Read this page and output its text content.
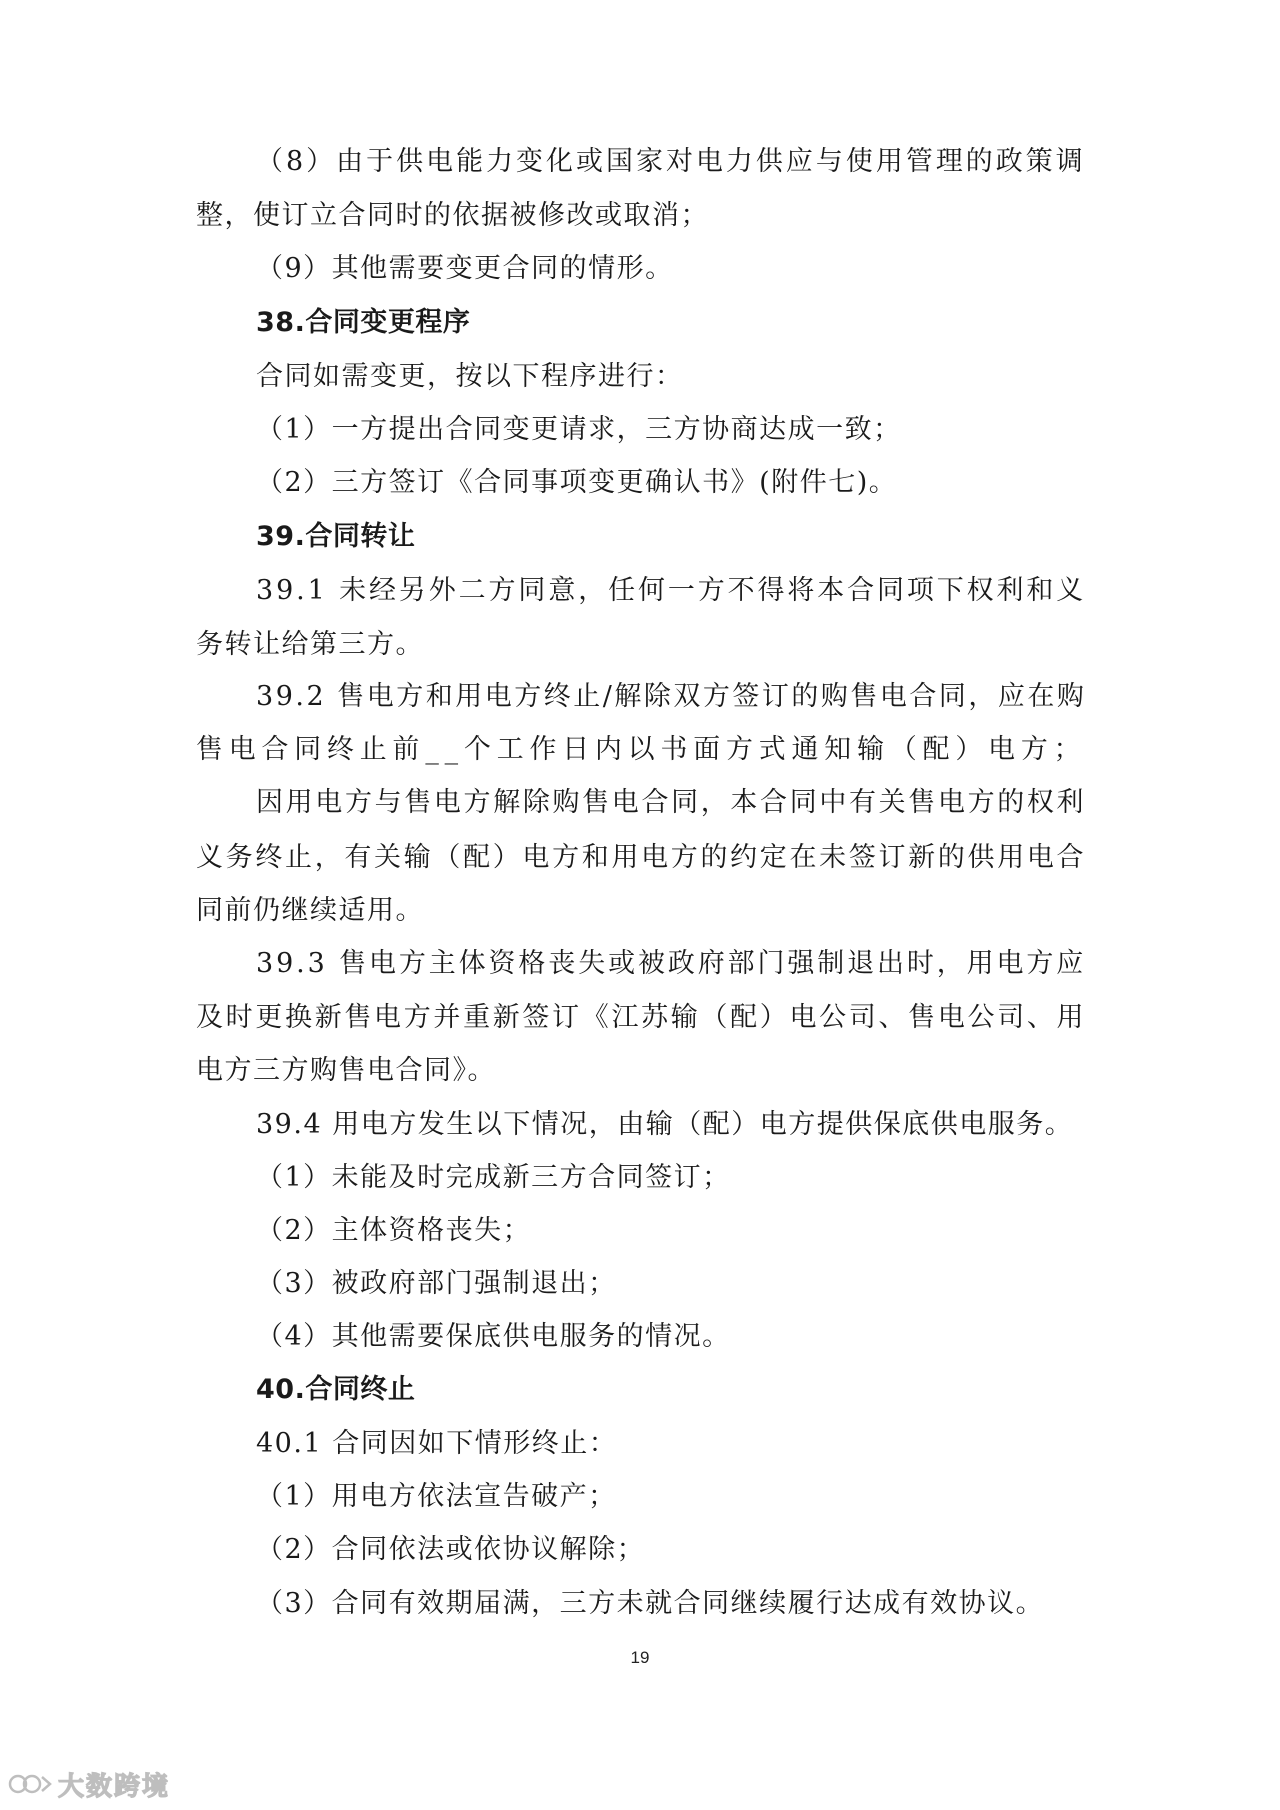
（8）由于供电能力变化或国家对电力供应与使用管理的政策调
整，使订立合同时的依据被修改或取消；
（9）其他需要变更合同的情形。
38.合同变更程序
合同如需变更，按以下程序进行：
（1）一方提出合同变更请求，三方协商达成一致；
（2）三方签订《合同事项变更确认书》(附件七)。
39.合同转让
39.1 未经另外二方同意，任何一方不得将本合同项下权利和义
务转让给第三方。
39.2 售电方和用电方终止/解除双方签订的购售电合同，应在购
售电合同终止前__个工作日内以书面方式通知输（配）电方；
因用电方与售电方解除购售电合同，本合同中有关售电方的权利
义务终止，有关输（配）电方和用电方的约定在未签订新的供用电合
同前仍继续适用。
39.3 售电方主体资格丧失或被政府部门强制退出时，用电方应
及时更换新售电方并重新签订《江苏输（配）电公司、售电公司、用
电方三方购售电合同》。
39.4 用电方发生以下情况，由输（配）电方提供保底供电服务。
（1）未能及时完成新三方合同签订；
（2）主体资格丧失；
（3）被政府部门强制退出；
（4）其他需要保底供电服务的情况。
40.合同终止
40.1 合同因如下情形终止：
（1）用电方依法宣告破产；
（2）合同依法或依协议解除；
（3）合同有效期届满，三方未就合同继续履行达成有效协议。
19
大数跨境
